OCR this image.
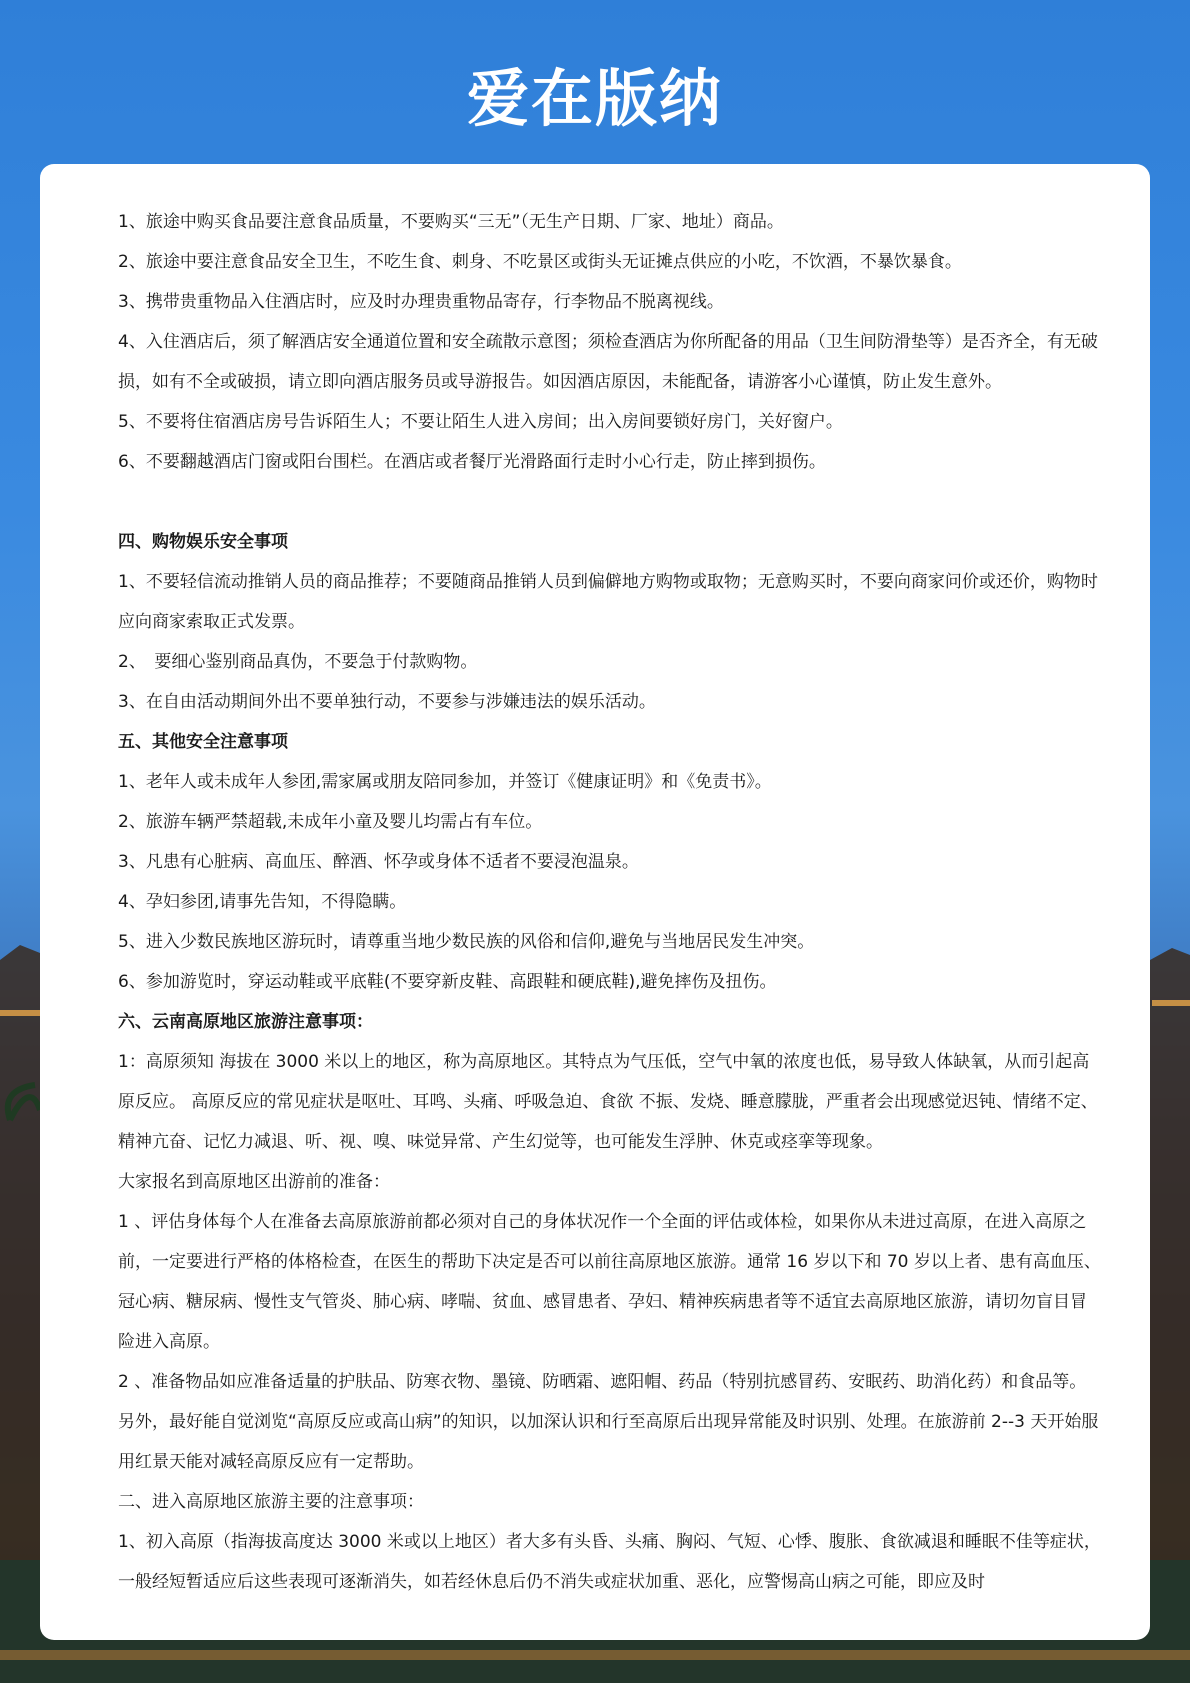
爱在版纳

1、旅途中购买食品要注意食品质量，不要购买“三无”（无生产日期、厂家、地址）商品。

2、旅途中要注意食品安全卫生，不吃生食、刺身、不吃景区或街头无证摊点供应的小吃，不饮酒，不暴饮暴食。

3、携带贵重物品入住酒店时，应及时办理贵重物品寄存，行李物品不脱离视线。

4、入住酒店后，须了解酒店安全通道位置和安全疏散示意图；须检查酒店为你所配备的用品（卫生间防滑垫等）是否齐全，有无破损，如有不全或破损，请立即向酒店服务员或导游报告。如因酒店原因，未能配备，请游客小心谨慎，防止发生意外。

5、不要将住宿酒店房号告诉陌生人；不要让陌生人进入房间；出入房间要锁好房门，关好窗户。

6、不要翻越酒店门窗或阳台围栏。在酒店或者餐厅光滑路面行走时小心行走，防止摔到损伤。

四、购物娱乐安全事项

1、不要轻信流动推销人员的商品推荐；不要随商品推销人员到偏僻地方购物或取物；无意购买时，不要向商家问价或还价，购物时应向商家索取正式发票。

2、　要细心鉴别商品真伪，不要急于付款购物。

3、在自由活动期间外出不要单独行动，不要参与涉嫌违法的娱乐活动。

五、其他安全注意事项

1、老年人或未成年人参团,需家属或朋友陪同参加，并签订《健康证明》和《免责书》。

2、旅游车辆严禁超载,未成年小童及婴儿均需占有车位。

3、凡患有心脏病、高血压、醉酒、怀孕或身体不适者不要浸泡温泉。

4、孕妇参团,请事先告知，不得隐瞒。

5、进入少数民族地区游玩时，请尊重当地少数民族的风俗和信仰,避免与当地居民发生冲突。

6、参加游览时，穿运动鞋或平底鞋(不要穿新皮鞋、高跟鞋和硬底鞋),避免摔伤及扭伤。

六、云南高原地区旅游注意事项：

1：高原须知 海拔在 3000 米以上的地区，称为高原地区。其特点为气压低，空气中氧的浓度也低，易导致人体缺氧，从而引起高原反应。 高原反应的常见症状是呕吐、耳鸣、头痛、呼吸急迫、食欲 不振、发烧、睡意朦胧，严重者会出现感觉迟钝、情绪不定、精神亢奋、记忆力减退、听、视、嗅、味觉异常、产生幻觉等，也可能发生浮肿、休克或痉挛等现象。

大家报名到高原地区出游前的准备：

1 、评估身体每个人在准备去高原旅游前都必须对自己的身体状况作一个全面的评估或体检，如果你从未进过高原，在进入高原之前，一定要进行严格的体格检查，在医生的帮助下决定是否可以前往高原地区旅游。通常 16 岁以下和 70 岁以上者、患有高血压、冠心病、糖尿病、慢性支气管炎、肺心病、哮喘、贫血、感冒患者、孕妇、精神疾病患者等不适宜去高原地区旅游，请切勿盲目冒险进入高原。

2 、准备物品如应准备适量的护肤品、防寒衣物、墨镜、防晒霜、遮阳帽、药品（特别抗感冒药、安眠药、助消化药）和食品等。另外，最好能自觉浏览“高原反应或高山病”的知识，以加深认识和行至高原后出现异常能及时识别、处理。在旅游前 2--3 天开始服用红景天能对减轻高原反应有一定帮助。

二、进入高原地区旅游主要的注意事项：

1、初入高原（指海拔高度达 3000 米或以上地区）者大多有头昏、头痛、胸闷、气短、心悸、腹胀、食欲减退和睡眠不佳等症状，一般经短暂适应后这些表现可逐渐消失，如若经休息后仍不消失或症状加重、恶化，应警惕高山病之可能，即应及时
